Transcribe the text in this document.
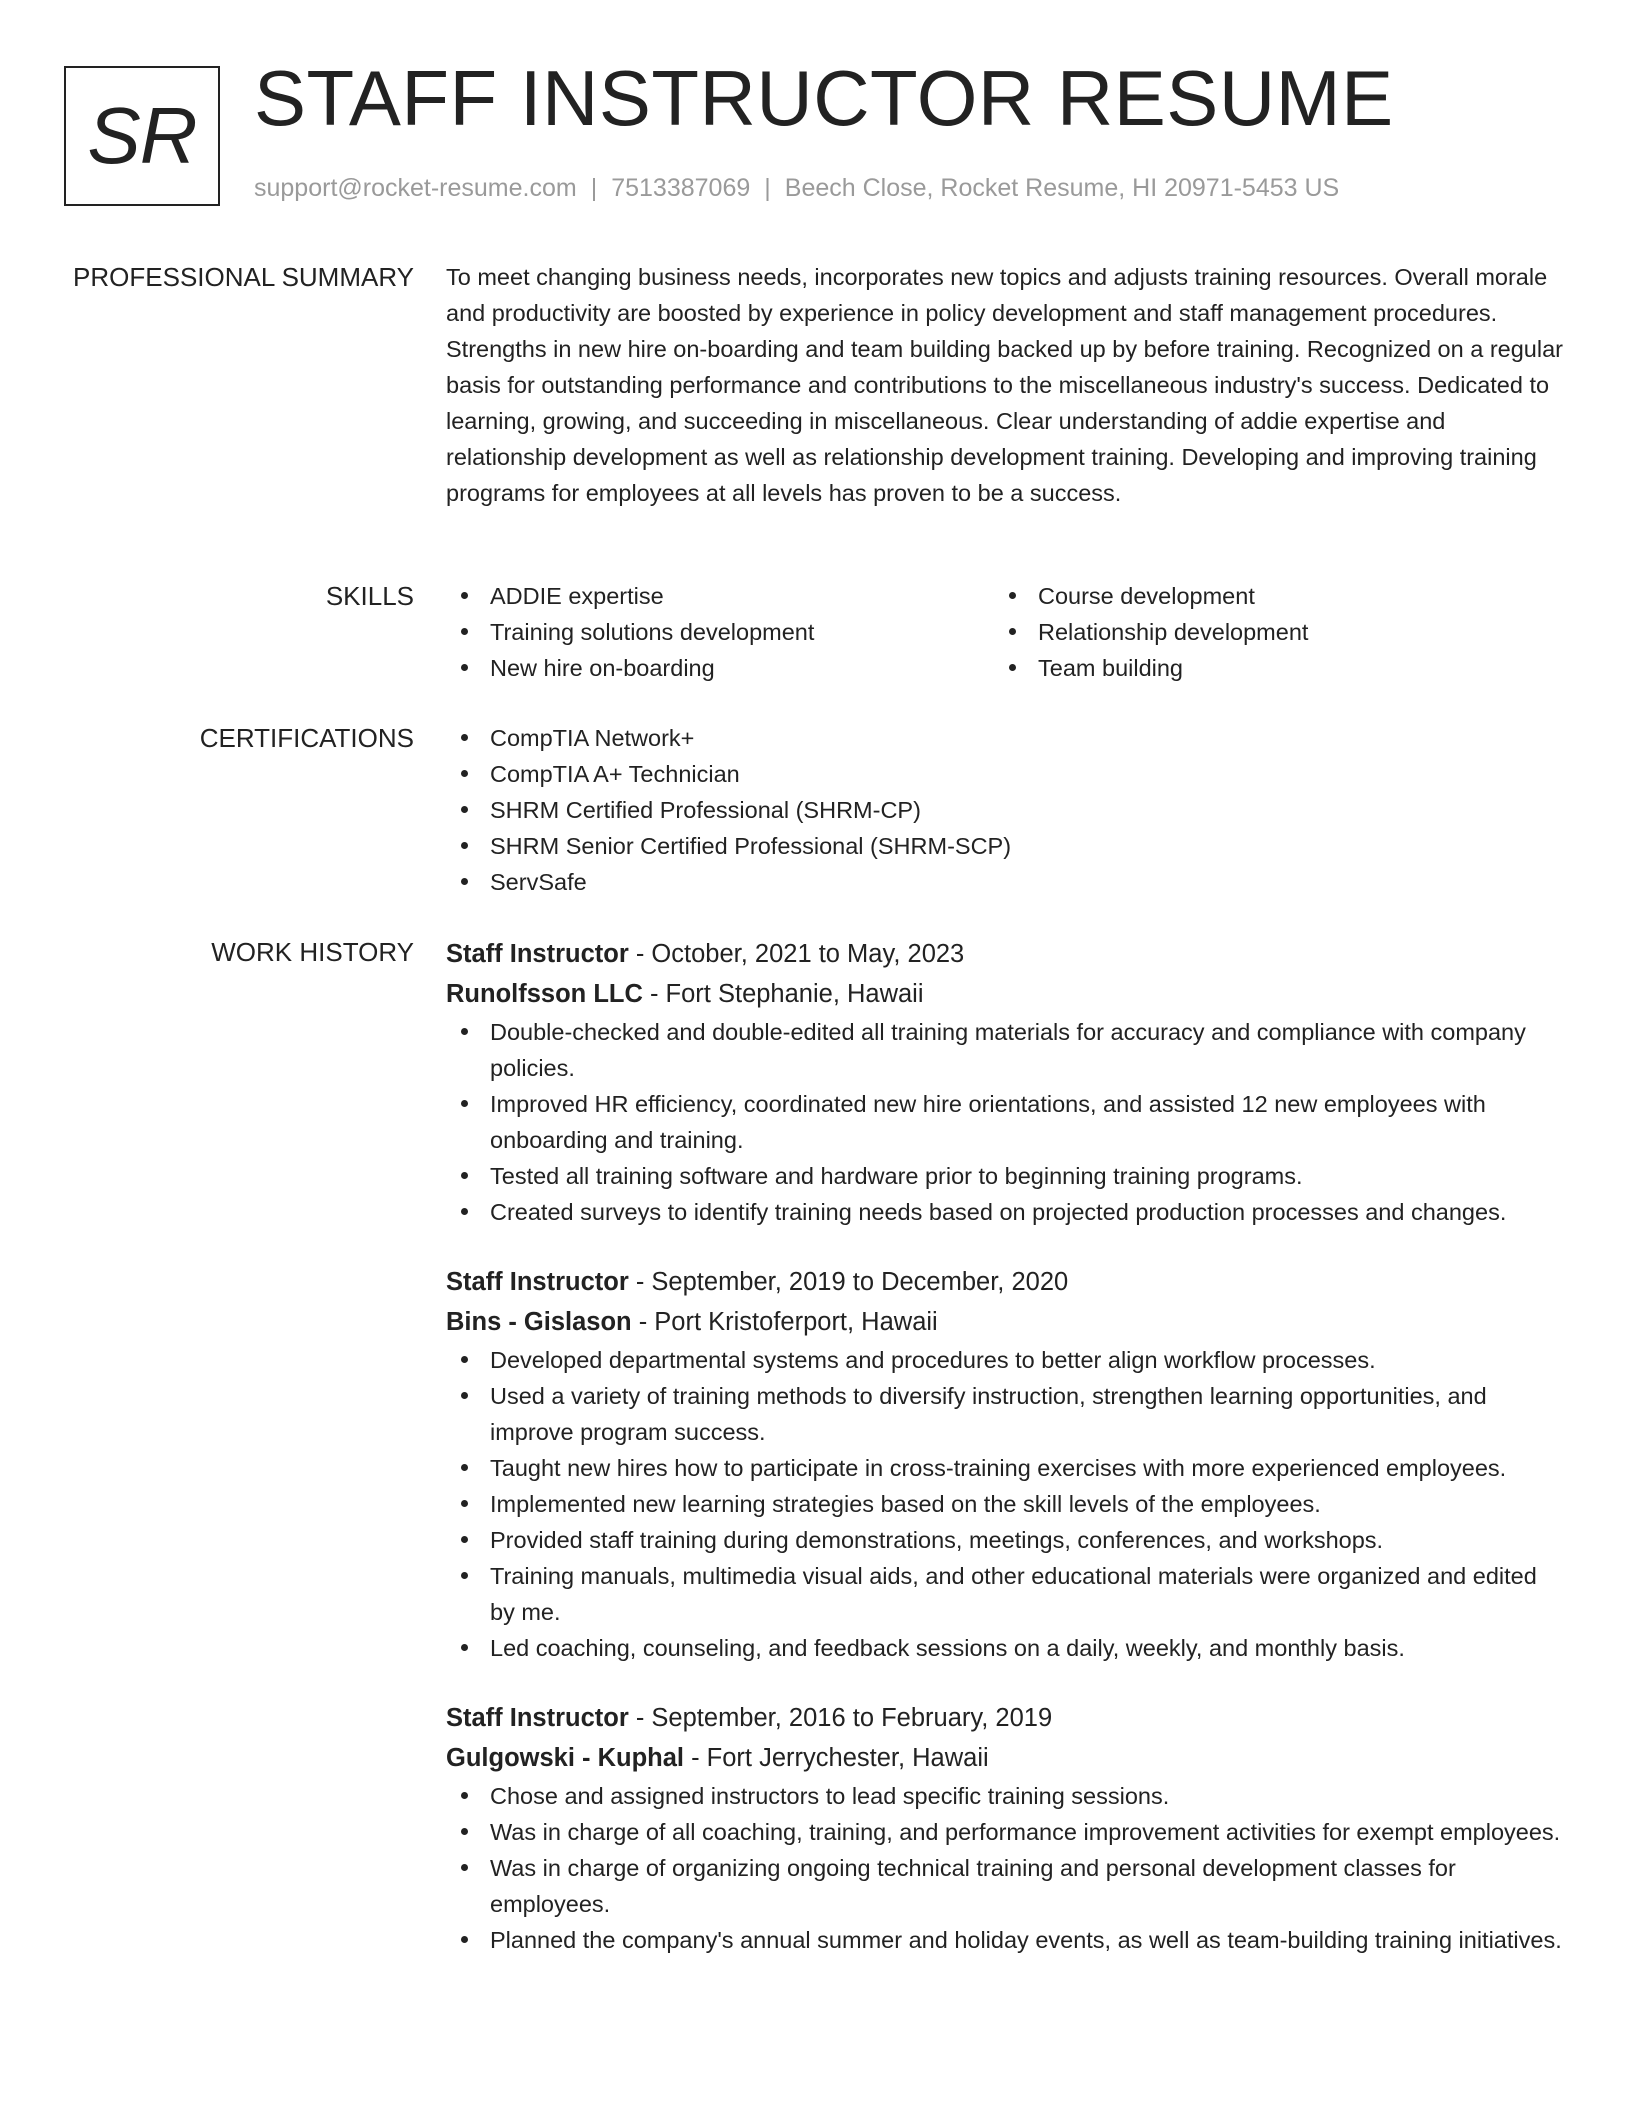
SR STAFF INSTRUCTOR RESUME
support@rocket-resume.com | 7513387069 | Beech Close, Rocket Resume, HI 20971-5453 US
PROFESSIONAL SUMMARY To meet changing business needs, incorporates new topics and adjusts training resources. Overall morale and productivity are boosted by experience in policy development and staff management procedures. Strengths in new hire on-boarding and team building backed up by before training. Recognized on a regular basis for outstanding performance and contributions to the miscellaneous industry's success. Dedicated to learning, growing, and succeeding in miscellaneous. Clear understanding of addie expertise and relationship development as well as relationship development training. Developing and improving training programs for employees at all levels has proven to be a success.
SKILLS	ADDIE expertise
Training solutions development
New hire on-boarding
Course development
Relationship development
Team building
CERTIFICATIONS	CompTIA Network+
CompTIA A+ Technician
SHRM Certified Professional (SHRM-CP)
SHRM Senior Certified Professional (SHRM-SCP)
ServSafe
WORK HISTORY Staff Instructor - October, 2021 to May, 2023
Runolfsson LLC - Fort Stephanie, Hawaii
Double-checked and double-edited all training materials for accuracy and compliance with company policies.
Improved HR efficiency, coordinated new hire orientations, and assisted 12 new employees with onboarding and training.
Tested all training software and hardware prior to beginning training programs.
Created surveys to identify training needs based on projected production processes and changes.
Staff Instructor - September, 2019 to December, 2020
Bins - Gislason - Port Kristoferport, Hawaii
Developed departmental systems and procedures to better align workflow processes.
Used a variety of training methods to diversify instruction, strengthen learning opportunities, and improve program success.
Taught new hires how to participate in cross-training exercises with more experienced employees.
Implemented new learning strategies based on the skill levels of the employees.
Provided staff training during demonstrations, meetings, conferences, and workshops.
Training manuals, multimedia visual aids, and other educational materials were organized and edited by me.
Led coaching, counseling, and feedback sessions on a daily, weekly, and monthly basis.
Staff Instructor - September, 2016 to February, 2019
Gulgowski - Kuphal - Fort Jerrychester, Hawaii
Chose and assigned instructors to lead specific training sessions.
Was in charge of all coaching, training, and performance improvement activities for exempt employees.
Was in charge of organizing ongoing technical training and personal development classes for employees.
Planned the company's annual summer and holiday events, as well as team-building training initiatives.
